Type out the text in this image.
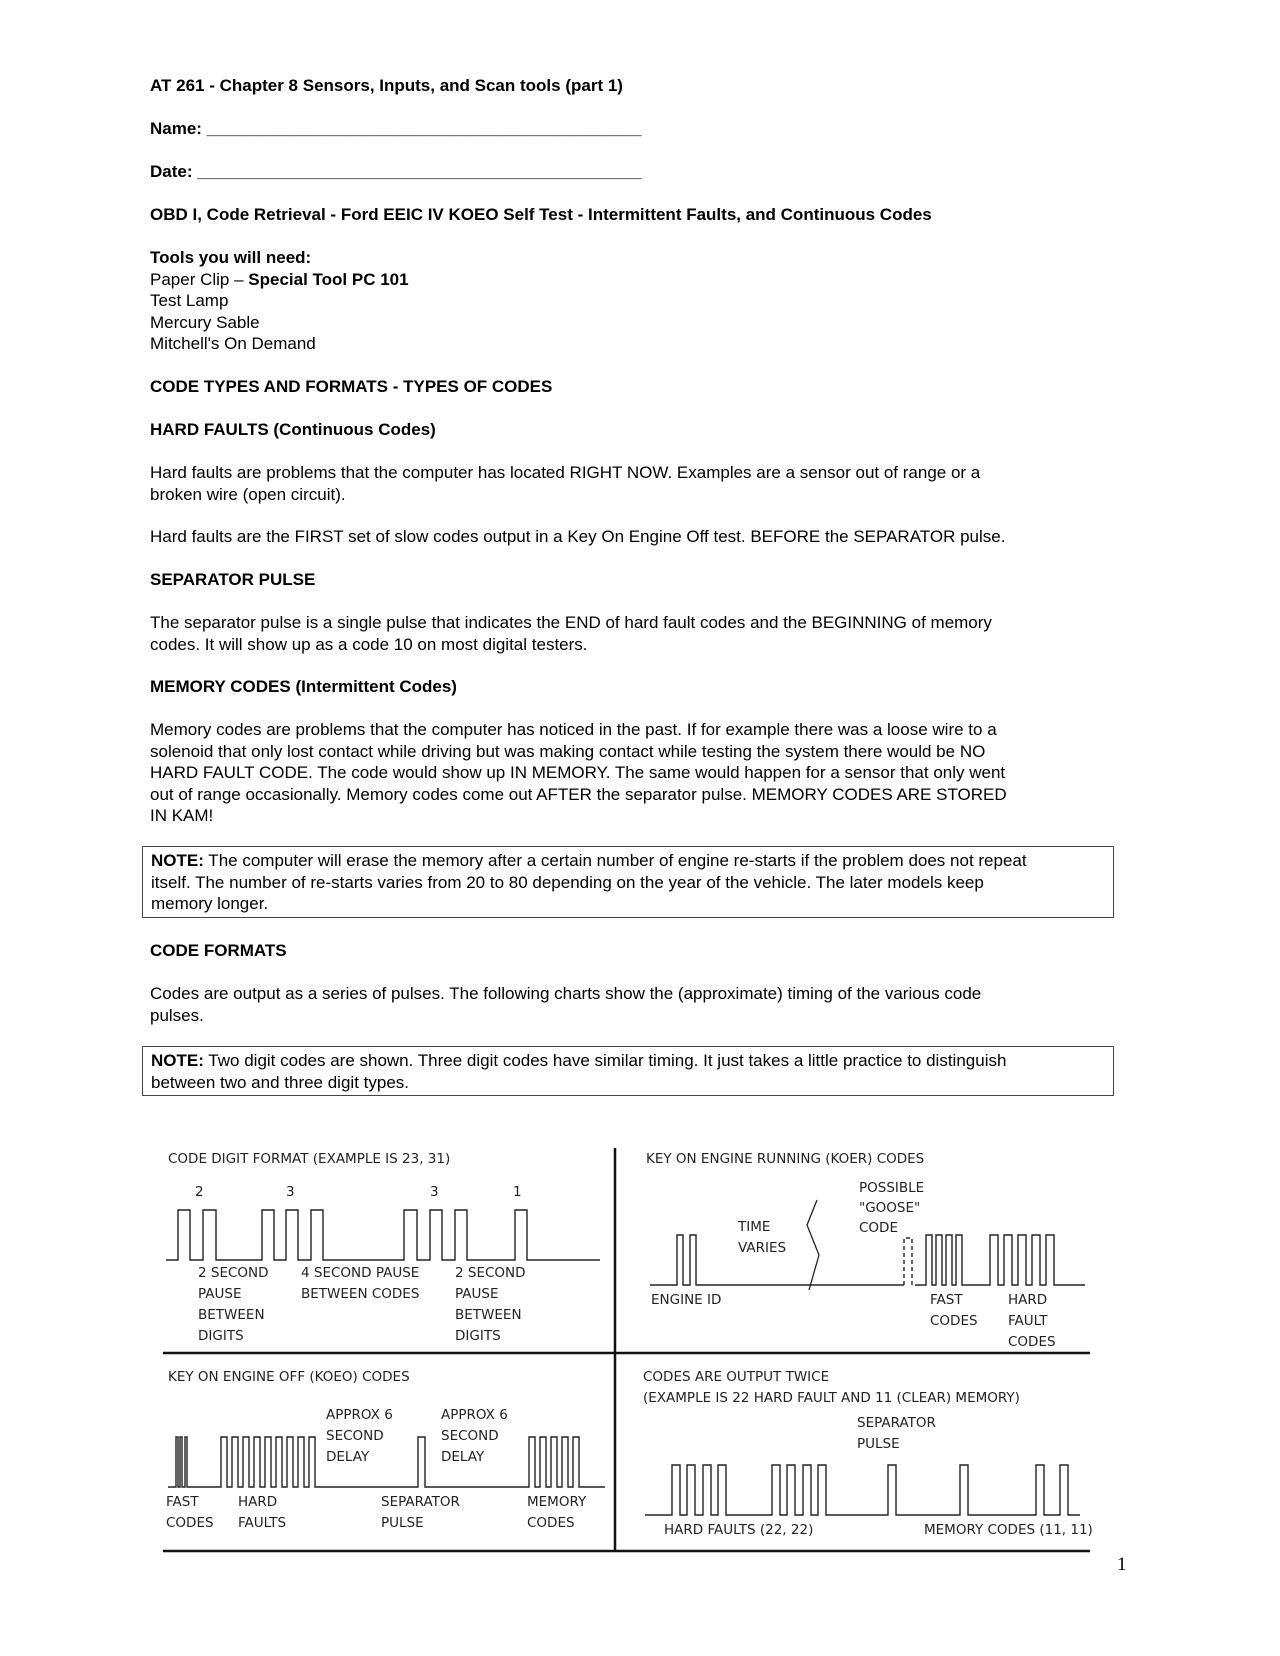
AT 261 - Chapter 8 Sensors, Inputs, and Scan tools (part 1)
Name: ______________________________________________
Date: _______________________________________________
OBD I, Code Retrieval - Ford EEIC IV KOEO Self Test - Intermittent Faults, and Continuous Codes
Tools you will need:
Paper Clip – Special Tool PC 101
Test Lamp
Mercury Sable
Mitchell's On Demand
CODE TYPES AND FORMATS - TYPES OF CODES
HARD FAULTS (Continuous Codes)
Hard faults are problems that the computer has located RIGHT NOW. Examples are a sensor out of range or a
broken wire (open circuit).
Hard faults are the FIRST set of slow codes output in a Key On Engine Off test. BEFORE the SEPARATOR pulse.
SEPARATOR PULSE
The separator pulse is a single pulse that indicates the END of hard fault codes and the BEGINNING of memory
codes. It will show up as a code 10 on most digital testers.
MEMORY CODES (Intermittent Codes)
Memory codes are problems that the computer has noticed in the past. If for example there was a loose wire to a
solenoid that only lost contact while driving but was making contact while testing the system there would be NO
HARD FAULT CODE. The code would show up IN MEMORY. The same would happen for a sensor that only went
out of range occasionally. Memory codes come out AFTER the separator pulse. MEMORY CODES ARE STORED
IN KAM!
NOTE: The computer will erase the memory after a certain number of engine re-starts if the problem does not repeat
itself. The number of re-starts varies from 20 to 80 depending on the year of the vehicle. The later models keep
memory longer.
CODE FORMATS
Codes are output as a series of pulses. The following charts show the (approximate) timing of the various code
pulses.
NOTE: Two digit codes are shown. Three digit codes have similar timing. It just takes a little practice to distinguish
between two and three digit types.
CODE DIGIT FORMAT (EXAMPLE IS 23, 31)
2	3	3	1
2 SECOND
PAUSE
BETWEEN
DIGITS
4 SECOND PAUSE
BETWEEN CODES
2 SECOND
PAUSE
BETWEEN
DIGITS
KEY ON ENGINE RUNNING (KOER) CODES
POSSIBLE
"GOOSE"
CODE
TIME
VARIES
ENGINE ID	FAST
CODES
HARD
FAULT
CODES
KEY ON ENGINE OFF (KOEO) CODES
APPROX 6
SECOND
DELAY
APPROX 6
SECOND
DELAY
FAST
CODES
HARD
FAULTS
SEPARATOR
PULSE
MEMORY
CODES
CODES ARE OUTPUT TWICE
(EXAMPLE IS 22 HARD FAULT AND 11 (CLEAR) MEMORY)
SEPARATOR
PULSE
HARD FAULTS (22, 22)	MEMORY CODES (11, 11)
1
